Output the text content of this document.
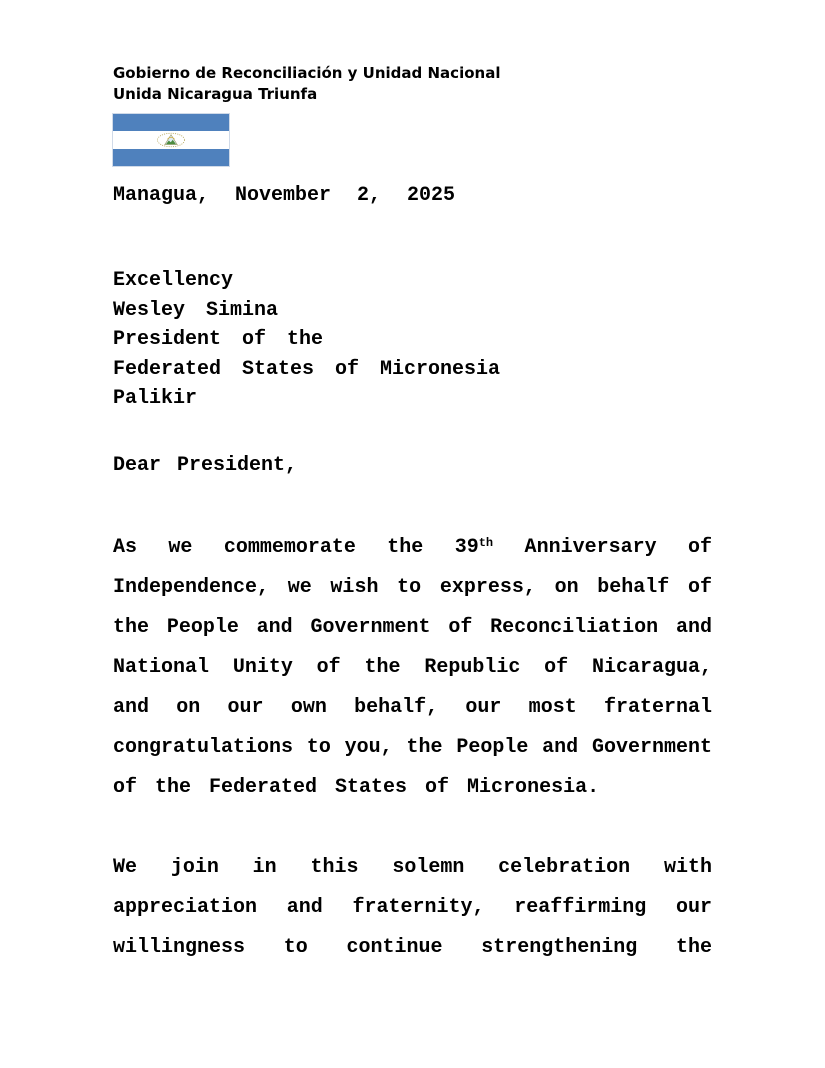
Gobierno de Reconciliación y Unidad Nacional
Unida Nicaragua Triunfa
Managua, November 2, 2025
Excellency
Wesley Simina
President of the
Federated States of Micronesia
Palikir
Dear President,
As we commemorate the 39th Anniversary of
Independence, we wish to express, on behalf of
the People and Government of Reconciliation and
National Unity of the Republic of Nicaragua,
and on our own behalf, our most fraternal
congratulations to you, the People and Government
of the Federated States of Micronesia.
We join in this solemn celebration with
appreciation and fraternity, reaffirming our
willingness to continue strengthening the
